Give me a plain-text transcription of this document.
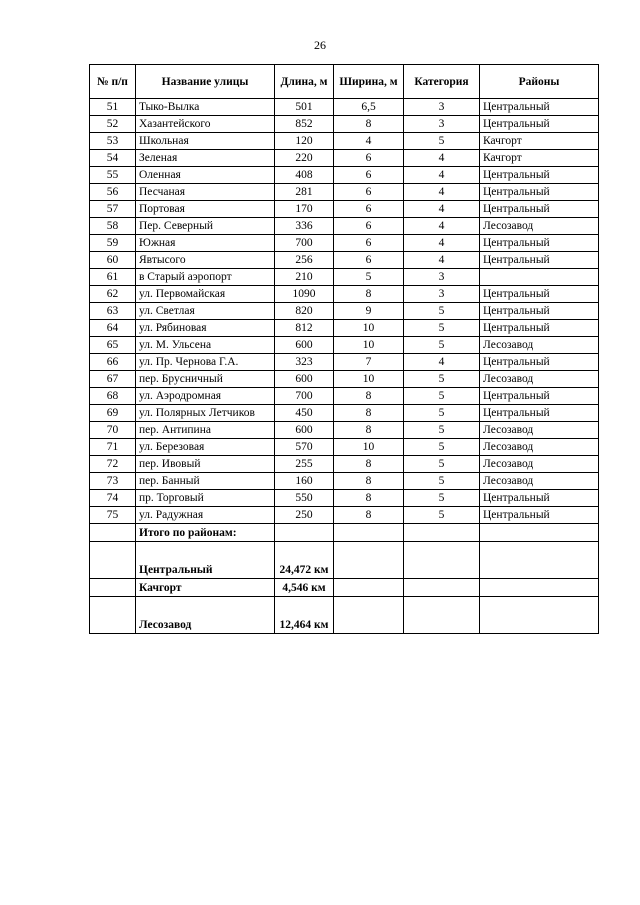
26
№ п/п	Название улицы	Длина, м	Ширина, м	Категория	Районы
51	Тыко-Вылка	501	6,5	3	Центральный
52	Хазантейского	852	8	3	Центральный
53	Школьная	120	4	5	Качгорт
54	Зеленая	220	6	4	Качгорт
55	Оленная	408	6	4	Центральный
56	Песчаная	281	6	4	Центральный
57	Портовая	170	6	4	Центральный
58	Пер. Северный	336	6	4	Лесозавод
59	Южная	700	6	4	Центральный
60	Явтысого	256	6	4	Центральный
61	в Старый аэропорт	210	5	3	
62	ул. Первомайская	1090	8	3	Центральный
63	ул. Светлая	820	9	5	Центральный
64	ул. Рябиновая	812	10	5	Центральный
65	ул. М. Ульсена	600	10	5	Лесозавод
66	ул. Пр. Чернова Г.А.	323	7	4	Центральный
67	пер. Брусничный	600	10	5	Лесозавод
68	ул. Аэродромная	700	8	5	Центральный
69	ул. Полярных Летчиков	450	8	5	Центральный
70	пер. Антипина	600	8	5	Лесозавод
71	ул. Березовая	570	10	5	Лесозавод
72	пер. Ивовый	255	8	5	Лесозавод
73	пер. Банный	160	8	5	Лесозавод
74	пр. Торговый	550	8	5	Центральный
75	ул. Радужная	250	8	5	Центральный
	Итого по районам:				
	Центральный	24,472 км			
	Качгорт	4,546 км			
	Лесозавод	12,464 км			
